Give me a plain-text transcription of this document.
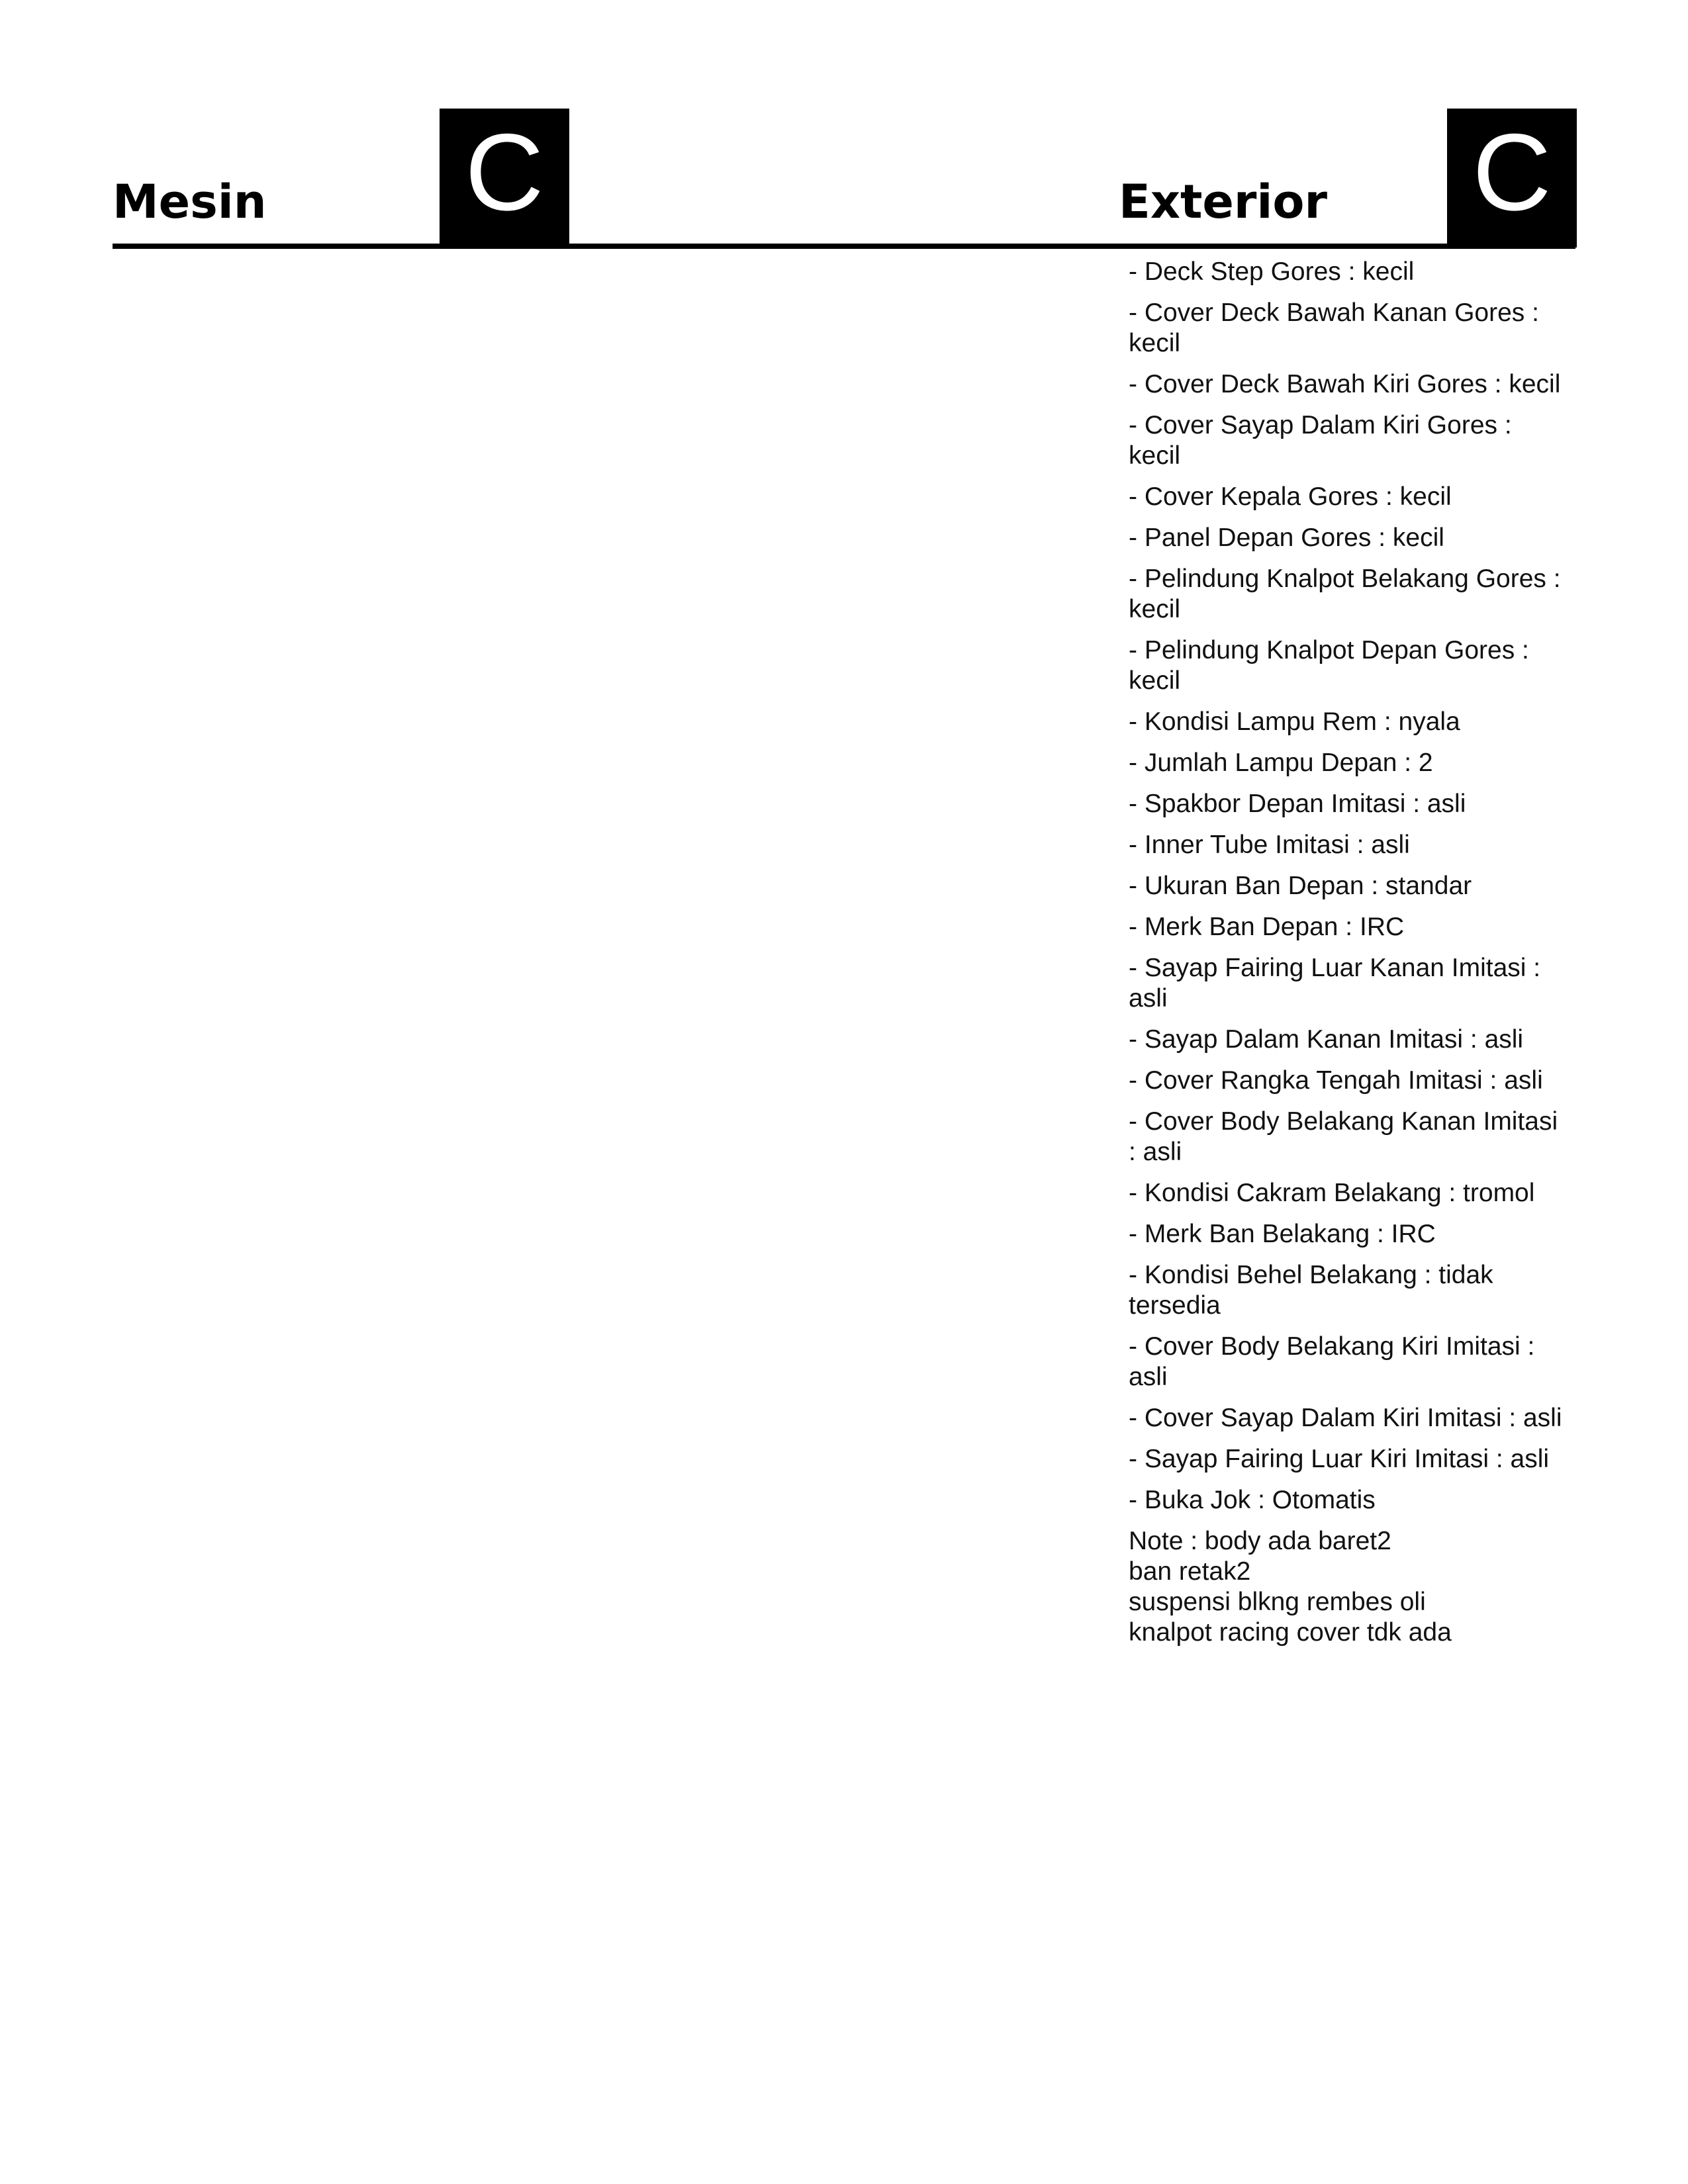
Mesin C	Exterior C
- Deck Step Gores : kecil
- Cover Deck Bawah Kanan Gores : kecil
- Cover Deck Bawah Kiri Gores : kecil
- Cover Sayap Dalam Kiri Gores : kecil
- Cover Kepala Gores : kecil
- Panel Depan Gores : kecil
- Pelindung Knalpot Belakang Gores : kecil
- Pelindung Knalpot Depan Gores : kecil
- Kondisi Lampu Rem : nyala
- Jumlah Lampu Depan : 2
- Spakbor Depan Imitasi : asli
- Inner Tube Imitasi : asli
- Ukuran Ban Depan : standar
- Merk Ban Depan : IRC
- Sayap Fairing Luar Kanan Imitasi : asli
- Sayap Dalam Kanan Imitasi : asli
- Cover Rangka Tengah Imitasi : asli
- Cover Body Belakang Kanan Imitasi : asli
- Kondisi Cakram Belakang : tromol
- Merk Ban Belakang : IRC
- Kondisi Behel Belakang : tidak tersedia
- Cover Body Belakang Kiri Imitasi : asli
- Cover Sayap Dalam Kiri Imitasi : asli
- Sayap Fairing Luar Kiri Imitasi : asli
- Buka Jok : Otomatis
Note : body ada baret2
ban retak2
suspensi blkng rembes oli
knalpot racing cover tdk ada
